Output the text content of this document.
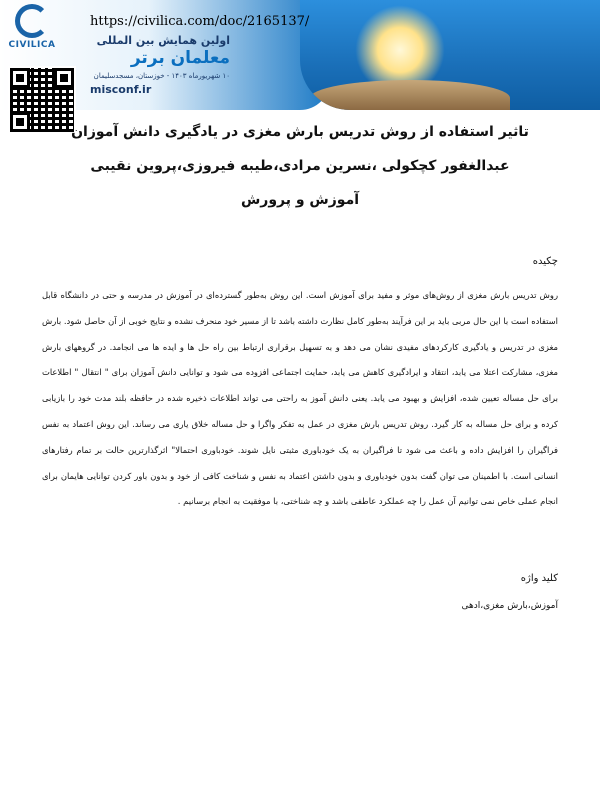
CIVILICA
https://civilica.com/doc/2165137/
اولین همایش بین المللی
معلمان برتر
۱۰ شهریورماه ۱۴۰۳ - خوزستان، مسجدسلیمان
misconf.ir
تاثیر استفاده از روش تدریس بارش مغزی در یادگیری دانش آموزان
عبدالغفور کچکولی ،نسرین مرادی،طیبه فیروزی،پروین نقیبی
آموزش و پرورش
چکیده
روش تدریس بارش مغزی از روش‌های موثر و مفید برای آموزش است. این روش به‌طور گسترده‌ای در آموزش در مدرسه و حتی در دانشگاه قابل استفاده است با این حال مربی باید بر این فرآیند به‌طور کامل نظارت داشته باشد تا از مسیر خود منحرف نشده و نتایج خوبی از آن حاصل شود. بارش مغزی در تدریس و یادگیری کارکردهای مفیدی نشان می دهد و به تسهیل برقراری ارتباط بین راه حل ها و ایده ها می انجامد. در گروههای بارش مغزی، مشارکت اعتلا می یابد، انتقاد و ایرادگیری کاهش می یابد، حمایت اجتماعی افزوده می شود و توانایی دانش آموزان برای " انتقال " اطلاعات برای حل مساله تعیین شده، افزایش و بهبود می یابد. یعنی دانش آموز به راحتی می تواند اطلاعات ذخیره شده در حافظه بلند مدت خود را بازیابی کرده و برای حل مساله به کار گیرد. روش تدریس بارش مغزی در عمل به تفکر واگرا و حل مساله خلاق یاری می رساند. این روش اعتماد به نفس فراگیران را افزایش داده و باعث می شود تا فراگیران به یک خودباوری مثبتی نایل شوند. خودباوری احتمالا" اثرگذارترین حالت بر تمام رفتارهای انسانی است. با اطمینان می توان گفت بدون خودباوری و بدون داشتن اعتماد به نفس و شناخت کافی از خود و بدون باور کردن توانایی هایمان برای انجام عملی خاص نمی توانیم آن عمل را چه عملکرد عاطفی باشد و چه شناختی، با موفقیت به انجام برسانیم .
کلید واژه
آموزش،بارش مغزی،ادهی
